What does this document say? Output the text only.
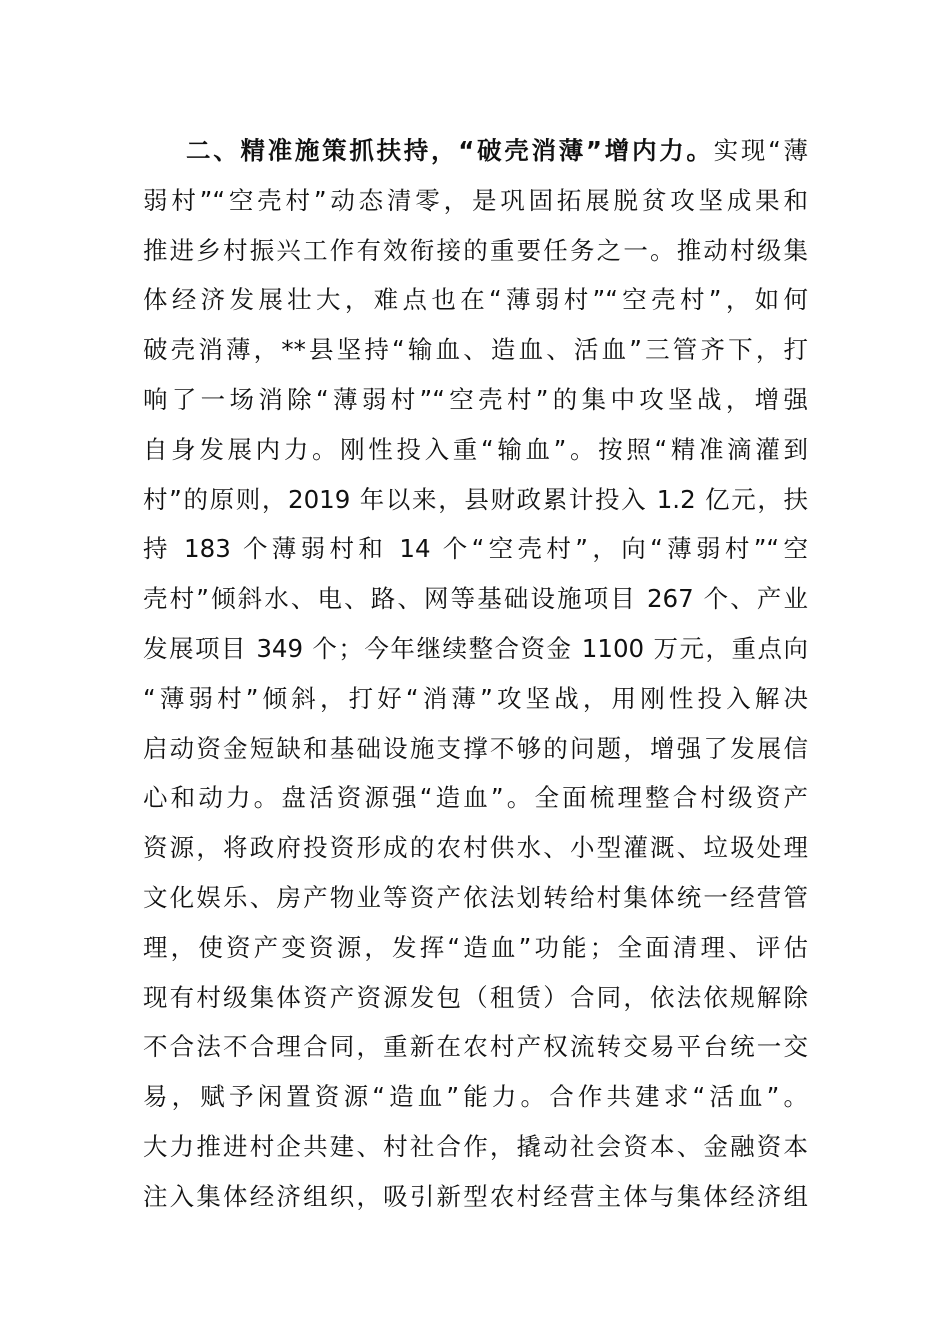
二、精准施策抓扶持，“破壳消薄”增内力。实现“薄
弱村”“空壳村”动态清零，是巩固拓展脱贫攻坚成果和
推进乡村振兴工作有效衔接的重要任务之一。推动村级集
体经济发展壮大，难点也在“薄弱村”“空壳村”，如何
破壳消薄，**县坚持“输血、造血、活血”三管齐下，打
响了一场消除“薄弱村”“空壳村”的集中攻坚战，增强
自身发展内力。刚性投入重“输血”。按照“精准滴灌到
村”的原则，2019 年以来，县财政累计投入 1.2 亿元，扶
持 183 个薄弱村和 14 个“空壳村”，向“薄弱村”“空
壳村”倾斜水、电、路、网等基础设施项目 267 个、产业
发展项目 349 个；今年继续整合资金 1100 万元，重点向
“薄弱村”倾斜，打好“消薄”攻坚战，用刚性投入解决
启动资金短缺和基础设施支撑不够的问题，增强了发展信
心和动力。盘活资源强“造血”。全面梳理整合村级资产
资源，将政府投资形成的农村供水、小型灌溉、垃圾处理
文化娱乐、房产物业等资产依法划转给村集体统一经营管
理，使资产变资源，发挥“造血”功能；全面清理、评估
现有村级集体资产资源发包（租赁）合同，依法依规解除
不合法不合理合同，重新在农村产权流转交易平台统一交
易，赋予闲置资源“造血”能力。合作共建求“活血”。
大力推进村企共建、村社合作，撬动社会资本、金融资本
注入集体经济组织，吸引新型农村经营主体与集体经济组
